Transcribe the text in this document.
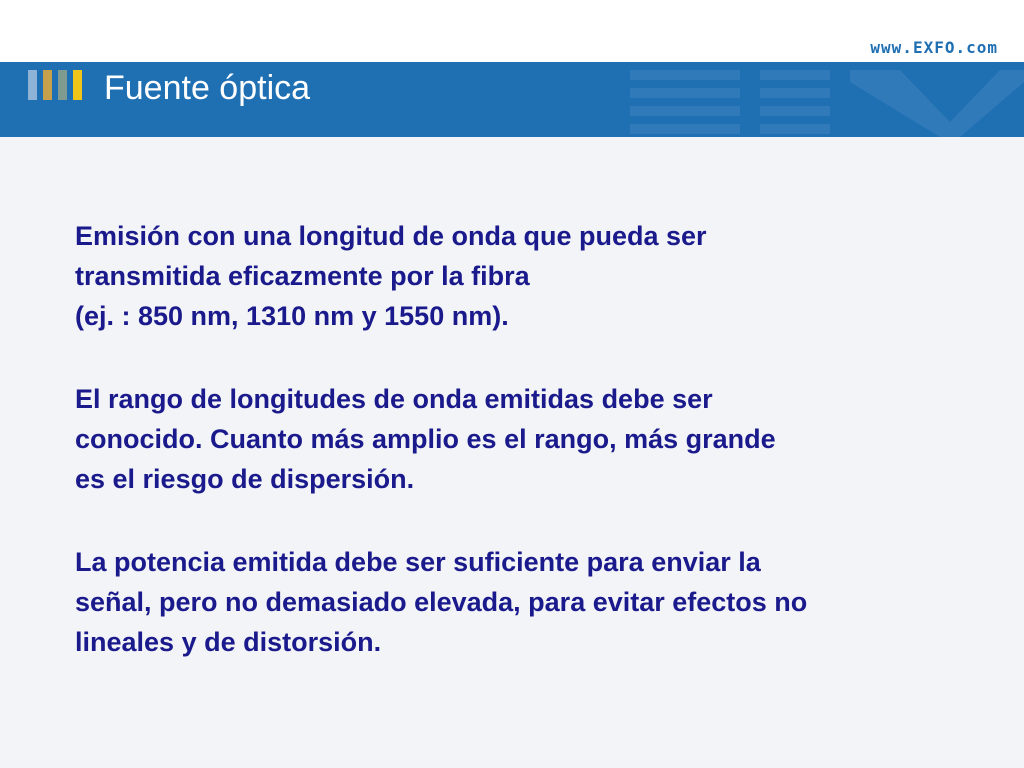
EXFO	www.EXFO.com
Fuente óptica

Emisión con una longitud de onda que pueda ser
transmitida eficazmente por la fibra
(ej. : 850 nm, 1310 nm y 1550 nm).

El rango de longitudes de onda emitidas debe ser
conocido. Cuanto más amplio es el rango, más grande
es el riesgo de dispersión.

La potencia emitida debe ser suficiente para enviar la
señal, pero no demasiado elevada, para evitar efectos no
lineales y de distorsión.
